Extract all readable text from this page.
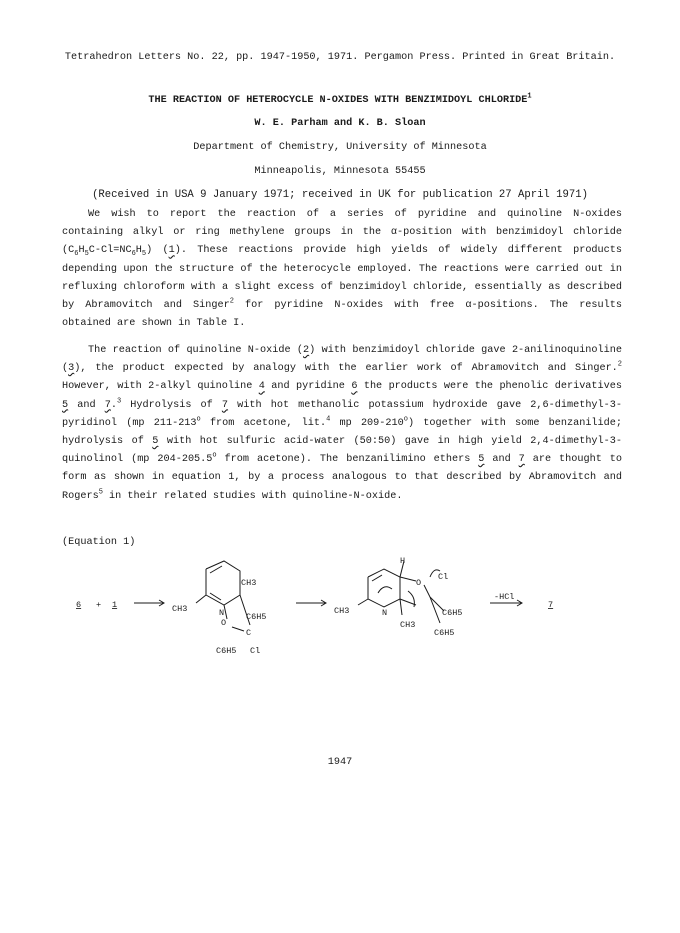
Tetrahedron Letters No. 22, pp. 1947-1950, 1971. Pergamon Press. Printed in Great Britain.
THE REACTION OF HETEROCYCLE N-OXIDES WITH BENZIMIDOYL CHLORIDE$^1$
W. E. Parham and K. B. Sloan
Department of Chemistry, University of Minnesota
Minneapolis, Minnesota 55455
(Received in USA 9 January 1971; received in UK for publication 27 April 1971)
We wish to report the reaction of a series of pyridine and quinoline N-oxides containing alkyl or ring methylene groups in the α-position with benzimidoyl chloride $(C_6H_5C-Cl=NC_6H_5)$ (1). These reactions provide high yields of widely different products depending upon the structure of the heterocycle employed. The reactions were carried out in refluxing chloroform with a slight excess of benzimidoyl chloride, essentially as described by Abramovitch and Singer$^2$ for pyridine N-oxides with free α-positions. The results obtained are shown in Table I.
The reaction of quinoline N-oxide (2) with benzimidoyl chloride gave 2-anilinoquinoline (3), the product expected by analogy with the earlier work of Abramovitch and Singer.$^2$ However, with 2-alkyl quinoline 4 and pyridine 6 the products were the phenolic derivatives 5 and 7.$^3$ Hydrolysis of 7 with hot methanolic potassium hydroxide gave 2,6-dimethyl-3-pyridinol (mp 211-213$^o$ from acetone, lit.$^4$ mp 209-210$^o$) together with some benzanilide; hydrolysis of 5 with hot sulfuric acid-water (50:50) gave in high yield 2,4-dimethyl-3-quinolinol (mp 204-205.5$^o$ from acetone). The benzanilimino ethers 5 and 7 are thought to form as shown in equation 1, by a process analogous to that described by Abramovitch and Rogers$^5$ in their related studies with quinoline-N-oxide.
(Equation 1)
6 + 1
CH3
CH3	N	C6H5
O
C
C6H5 Cl
H
O
Cl
N
CH3
CH3
C6H5
C6H5
-HCl
7
1947
